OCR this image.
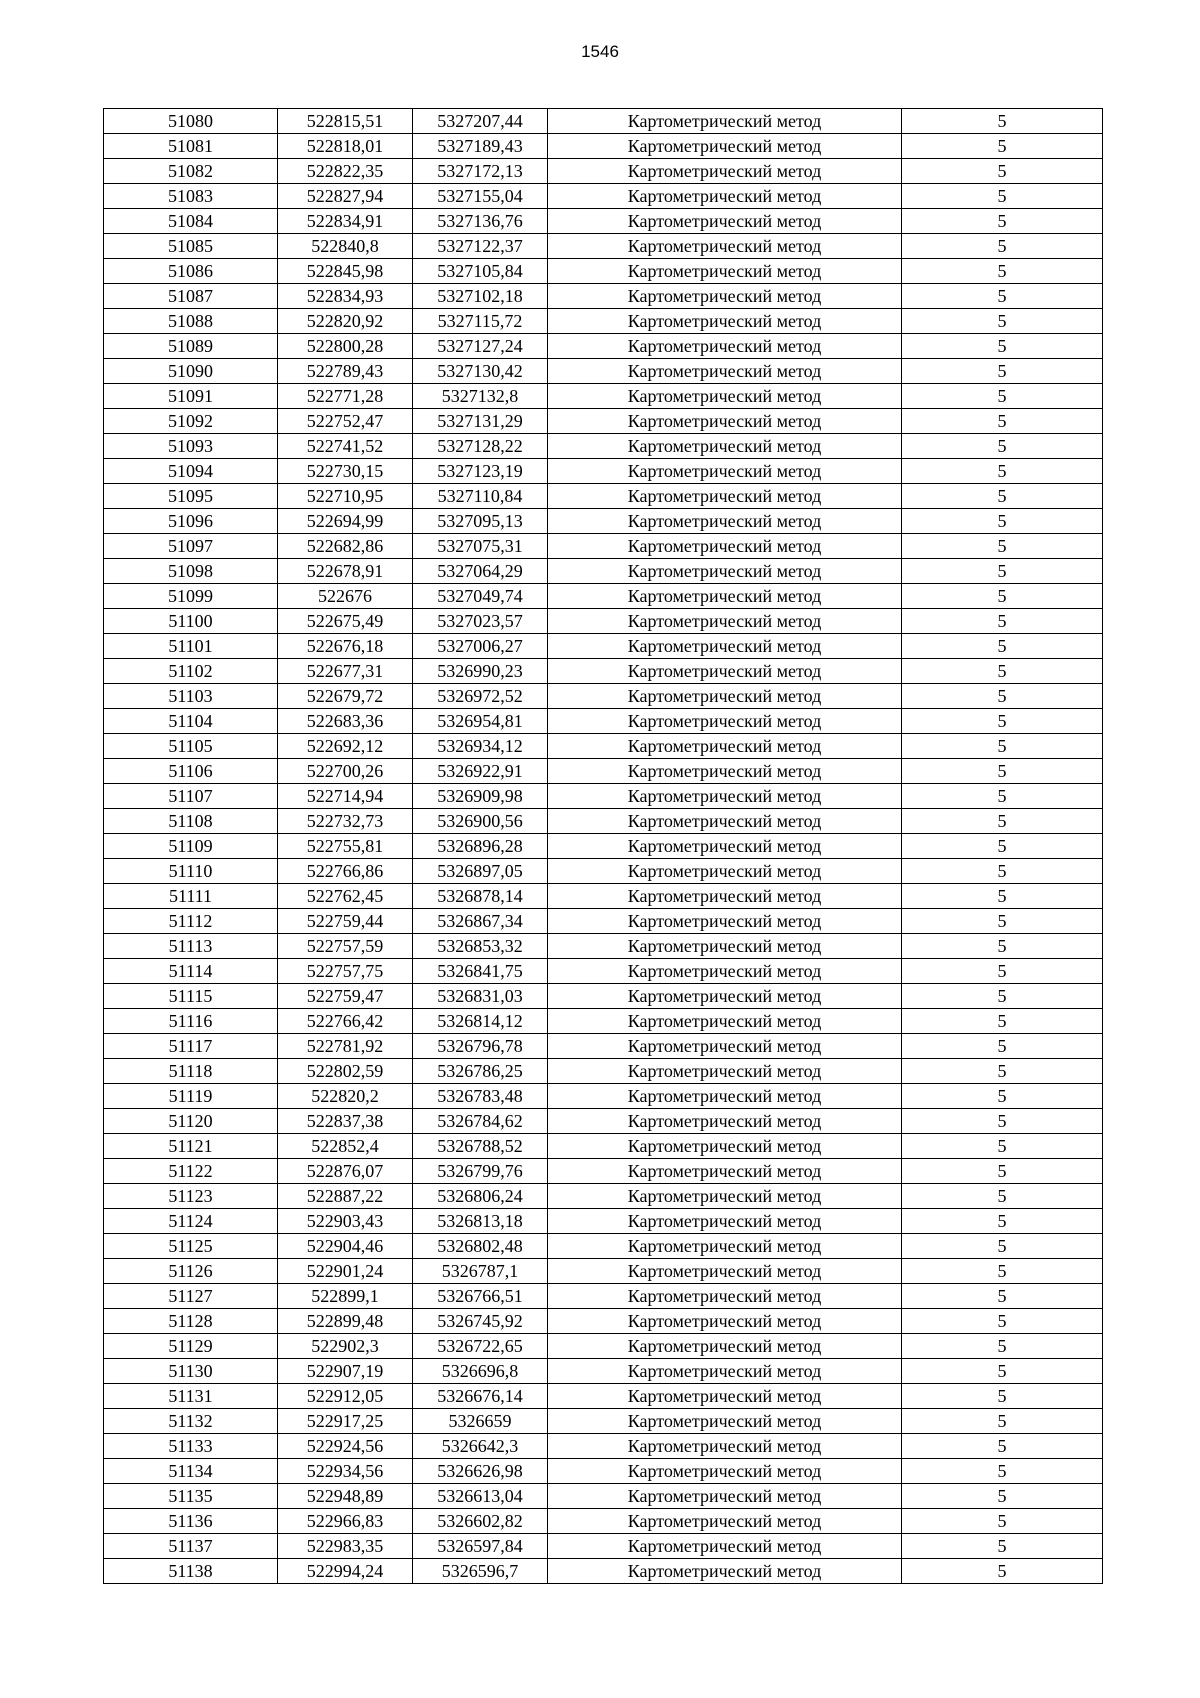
1546
51080	522815,51	5327207,44	Картометрический метод	5
51081	522818,01	5327189,43	Картометрический метод	5
51082	522822,35	5327172,13	Картометрический метод	5
51083	522827,94	5327155,04	Картометрический метод	5
51084	522834,91	5327136,76	Картометрический метод	5
51085	522840,8	5327122,37	Картометрический метод	5
51086	522845,98	5327105,84	Картометрический метод	5
51087	522834,93	5327102,18	Картометрический метод	5
51088	522820,92	5327115,72	Картометрический метод	5
51089	522800,28	5327127,24	Картометрический метод	5
51090	522789,43	5327130,42	Картометрический метод	5
51091	522771,28	5327132,8	Картометрический метод	5
51092	522752,47	5327131,29	Картометрический метод	5
51093	522741,52	5327128,22	Картометрический метод	5
51094	522730,15	5327123,19	Картометрический метод	5
51095	522710,95	5327110,84	Картометрический метод	5
51096	522694,99	5327095,13	Картометрический метод	5
51097	522682,86	5327075,31	Картометрический метод	5
51098	522678,91	5327064,29	Картометрический метод	5
51099	522676	5327049,74	Картометрический метод	5
51100	522675,49	5327023,57	Картометрический метод	5
51101	522676,18	5327006,27	Картометрический метод	5
51102	522677,31	5326990,23	Картометрический метод	5
51103	522679,72	5326972,52	Картометрический метод	5
51104	522683,36	5326954,81	Картометрический метод	5
51105	522692,12	5326934,12	Картометрический метод	5
51106	522700,26	5326922,91	Картометрический метод	5
51107	522714,94	5326909,98	Картометрический метод	5
51108	522732,73	5326900,56	Картометрический метод	5
51109	522755,81	5326896,28	Картометрический метод	5
51110	522766,86	5326897,05	Картометрический метод	5
51111	522762,45	5326878,14	Картометрический метод	5
51112	522759,44	5326867,34	Картометрический метод	5
51113	522757,59	5326853,32	Картометрический метод	5
51114	522757,75	5326841,75	Картометрический метод	5
51115	522759,47	5326831,03	Картометрический метод	5
51116	522766,42	5326814,12	Картометрический метод	5
51117	522781,92	5326796,78	Картометрический метод	5
51118	522802,59	5326786,25	Картометрический метод	5
51119	522820,2	5326783,48	Картометрический метод	5
51120	522837,38	5326784,62	Картометрический метод	5
51121	522852,4	5326788,52	Картометрический метод	5
51122	522876,07	5326799,76	Картометрический метод	5
51123	522887,22	5326806,24	Картометрический метод	5
51124	522903,43	5326813,18	Картометрический метод	5
51125	522904,46	5326802,48	Картометрический метод	5
51126	522901,24	5326787,1	Картометрический метод	5
51127	522899,1	5326766,51	Картометрический метод	5
51128	522899,48	5326745,92	Картометрический метод	5
51129	522902,3	5326722,65	Картометрический метод	5
51130	522907,19	5326696,8	Картометрический метод	5
51131	522912,05	5326676,14	Картометрический метод	5
51132	522917,25	5326659	Картометрический метод	5
51133	522924,56	5326642,3	Картометрический метод	5
51134	522934,56	5326626,98	Картометрический метод	5
51135	522948,89	5326613,04	Картометрический метод	5
51136	522966,83	5326602,82	Картометрический метод	5
51137	522983,35	5326597,84	Картометрический метод	5
51138	522994,24	5326596,7	Картометрический метод	5
